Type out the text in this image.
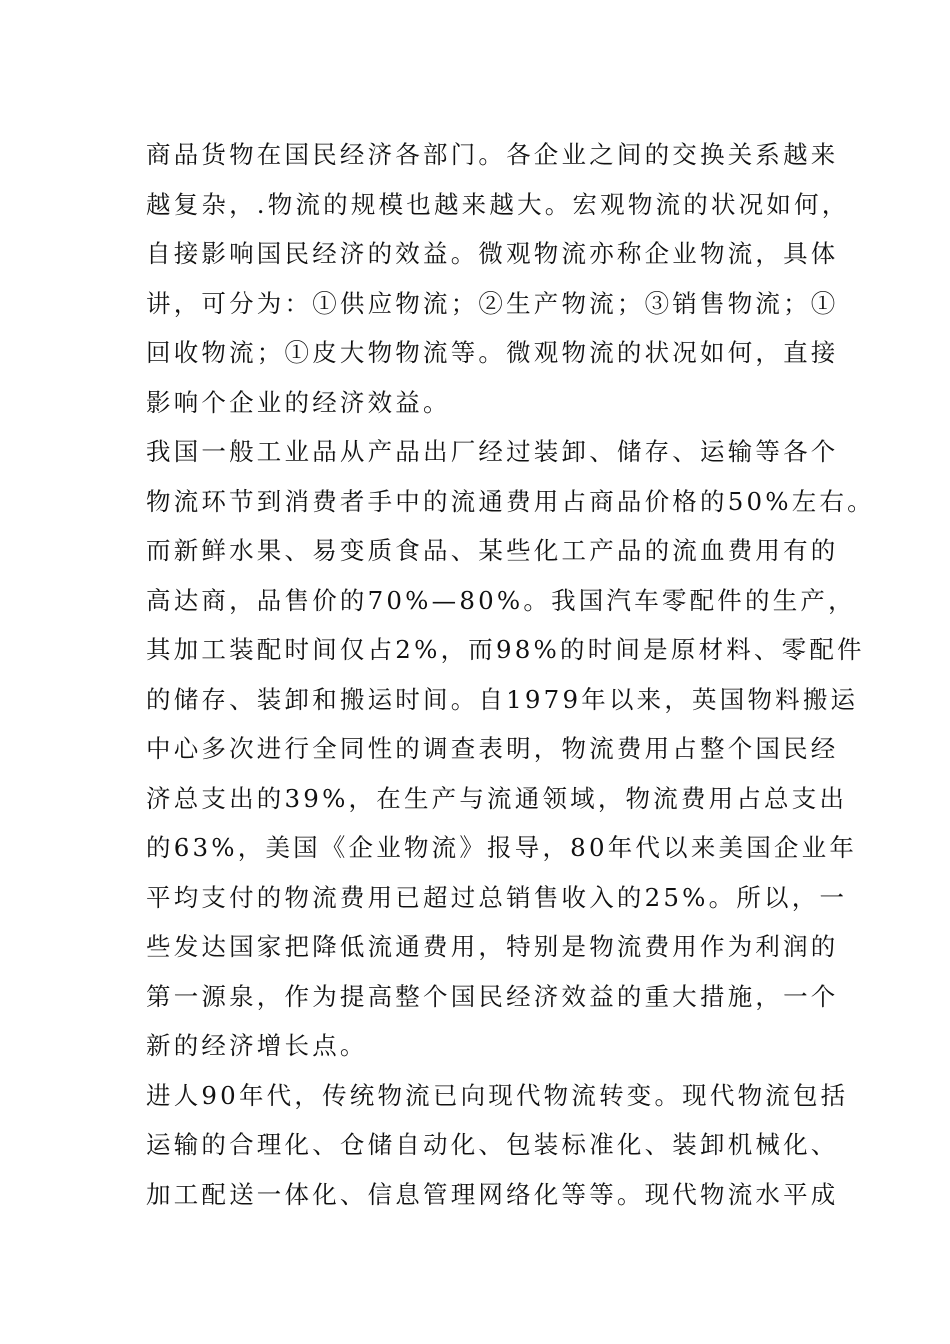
商品货物在国民经济各部门。各企业之间的交换关系越来
越复杂，.物流的规模也越来越大。宏观物流的状况如何，
自接影响国民经济的效益。微观物流亦称企业物流，具体
讲，可分为：①供应物流；②生产物流；③销售物流；①
回收物流；①皮大物物流等。微观物流的状况如何，直接
影响个企业的经济效益。
我国一般工业品从产品出厂经过装卸、储存、运输等各个
物流环节到消费者手中的流通费用占商品价格的50%左右。
而新鲜水果、易变质食品、某些化工产品的流血费用有的
高达商，品售价的70%—80%。我国汽车零配件的生产，
其加工装配时间仅占2%，而98%的时间是原材料、零配件
的储存、装卸和搬运时间。自1979年以来，英国物料搬运
中心多次进行全同性的调查表明，物流费用占整个国民经
济总支出的39%，在生产与流通领域，物流费用占总支出
的63%，美国《企业物流》报导，80年代以来美国企业年
平均支付的物流费用已超过总销售收入的25%。所以，一
些发达国家把降低流通费用，特别是物流费用作为利润的
第一源泉，作为提高整个国民经济效益的重大措施，一个
新的经济增长点。
进人90年代，传统物流已向现代物流转变。现代物流包括
运输的合理化、仓储自动化、包装标准化、装卸机械化、
加工配送一体化、信息管理网络化等等。现代物流水平成
